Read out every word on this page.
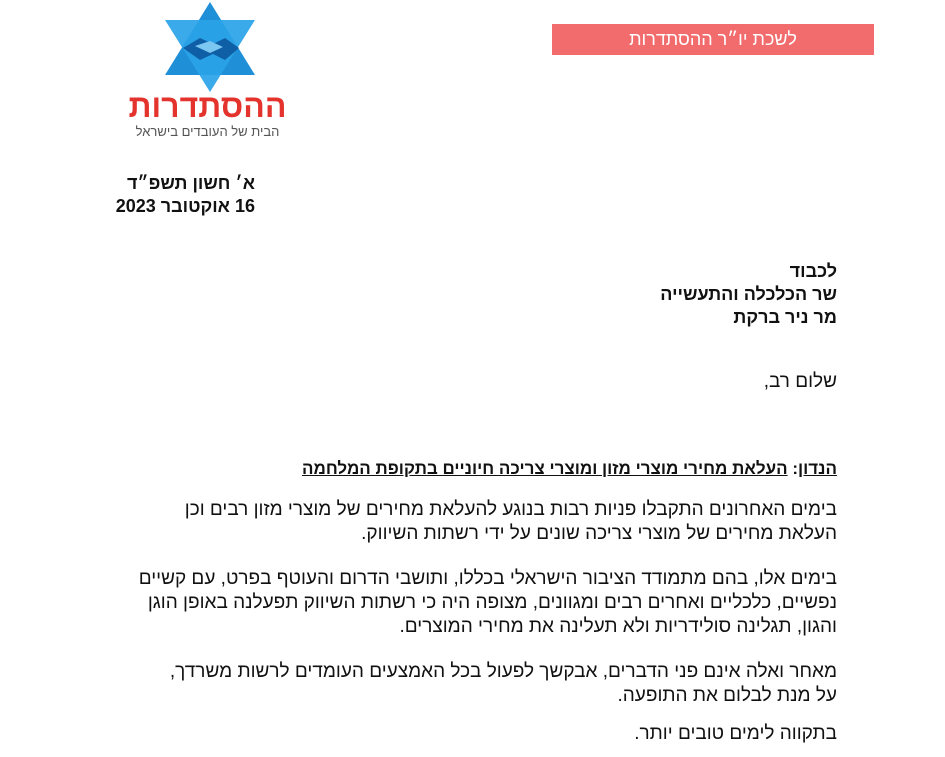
ההסתדרות
הבית של העובדים בישראל
לשכת יו״ר ההסתדרות
א׳ חשון תשפ״ד
16 אוקטובר 2023
לכבוד
שר הכלכלה והתעשייה
מר ניר ברקת
שלום רב,
הנדון: העלאת מחירי מוצרי מזון ומוצרי צריכה חיוניים בתקופת המלחמה
בימים האחרונים התקבלו פניות רבות בנוגע להעלאת מחירים של מוצרי מזון רבים וכן
העלאת מחירים של מוצרי צריכה שונים על ידי רשתות השיווק.
בימים אלו, בהם מתמודד הציבור הישראלי בכללו, ותושבי הדרום והעוטף בפרט, עם קשיים
נפשיים, כלכליים ואחרים רבים ומגוונים, מצופה היה כי רשתות השיווק תפעלנה באופן הוגן
והגון, תגלינה סולידריות ולא תעלינה את מחירי המוצרים.
מאחר ואלה אינם פני הדברים, אבקשך לפעול בכל האמצעים העומדים לרשות משרדך,
על מנת לבלום את התופעה.
בתקווה לימים טובים יותר.
